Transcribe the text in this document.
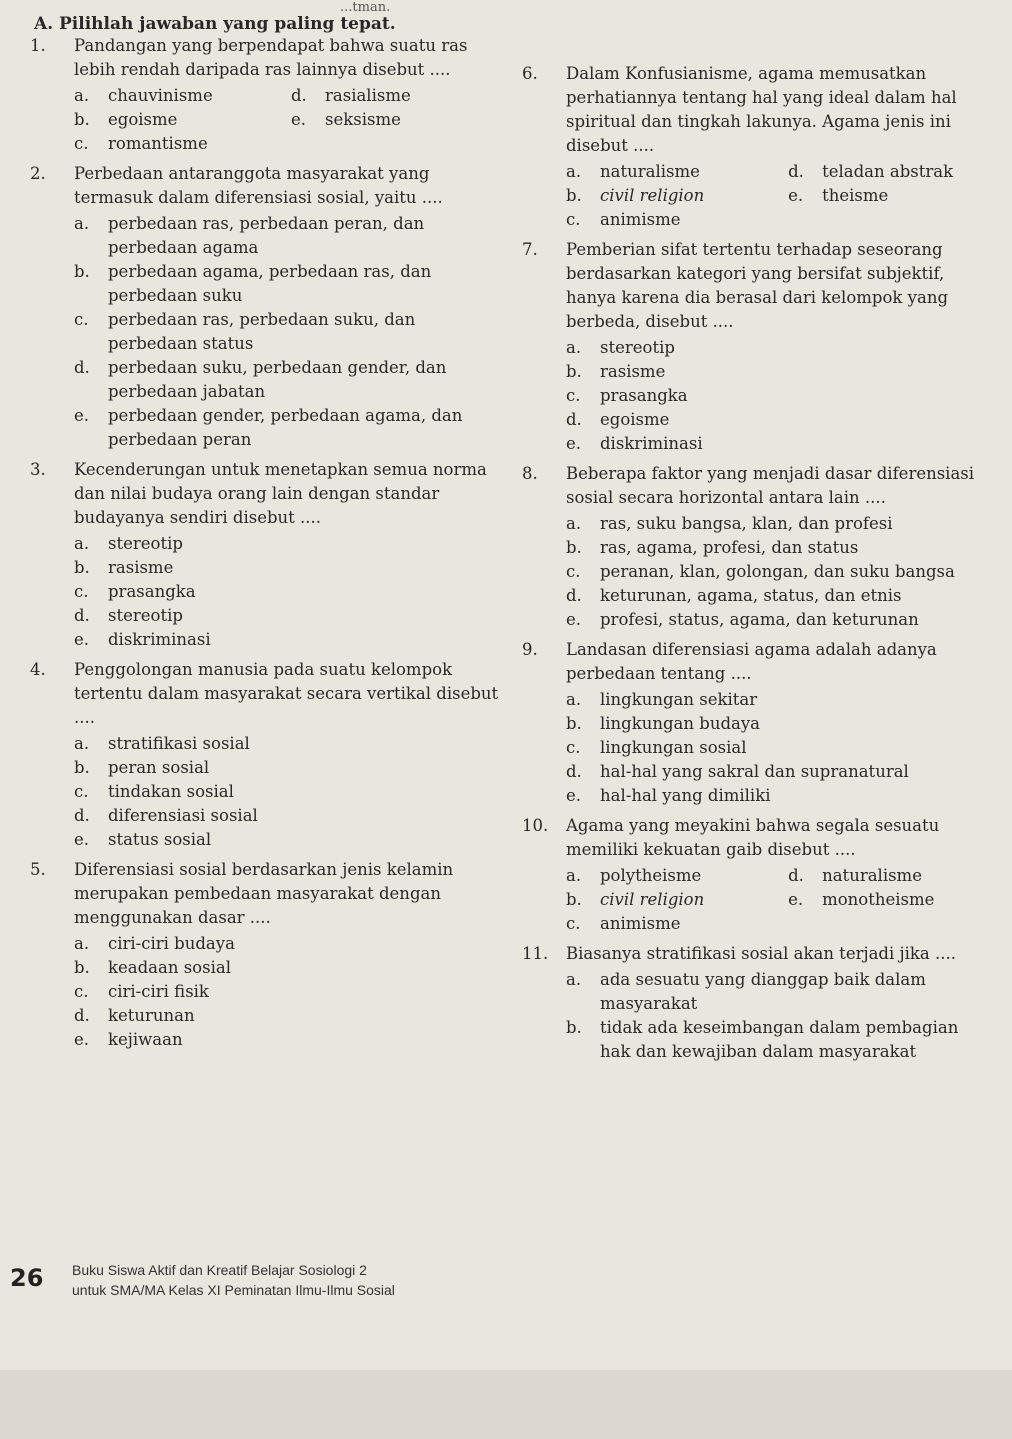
...tman.
A. Pilihlah jawaban yang paling tepat.
1.	Pandangan yang berpendapat bahwa suatu ras lebih rendah daripada ras lainnya disebut ....
a. chauvinisme	d. rasialisme
b. egoisme	e. seksisme
c. romantisme
2.	Perbedaan antaranggota masyarakat yang termasuk dalam diferensiasi sosial, yaitu ....
a. perbedaan ras, perbedaan peran, dan perbedaan agama
b. perbedaan agama, perbedaan ras, dan perbedaan suku
c. perbedaan ras, perbedaan suku, dan perbedaan status
d. perbedaan suku, perbedaan gender, dan perbedaan jabatan
e. perbedaan gender, perbedaan agama, dan perbedaan peran
3.	Kecenderungan untuk menetapkan semua norma dan nilai budaya orang lain dengan standar budayanya sendiri disebut ....
a. stereotip
b. rasisme
c. prasangka
d. stereotip
e. diskriminasi
4.	Penggolongan manusia pada suatu kelompok tertentu dalam masyarakat secara vertikal disebut ....
a. stratifikasi sosial
b. peran sosial
c. tindakan sosial
d. diferensiasi sosial
e. status sosial
5.	Diferensiasi sosial berdasarkan jenis kelamin merupakan pembedaan masyarakat dengan menggunakan dasar ....
a. ciri-ciri budaya
b. keadaan sosial
c. ciri-ciri fisik
d. keturunan
e. kejiwaan
6.	Dalam Konfusianisme, agama memusatkan perhatiannya tentang hal yang ideal dalam hal spiritual dan tingkah lakunya. Agama jenis ini disebut ....
a. naturalisme	d. teladan abstrak
b. civil religion	e. theisme
c. animisme
7.	Pemberian sifat tertentu terhadap seseorang berdasarkan kategori yang bersifat subjektif, hanya karena dia berasal dari kelompok yang berbeda, disebut ....
a. stereotip
b. rasisme
c. prasangka
d. egoisme
e. diskriminasi
8.	Beberapa faktor yang menjadi dasar diferensiasi sosial secara horizontal antara lain ....
a. ras, suku bangsa, klan, dan profesi
b. ras, agama, profesi, dan status
c. peranan, klan, golongan, dan suku bangsa
d. keturunan, agama, status, dan etnis
e. profesi, status, agama, dan keturunan
9.	Landasan diferensiasi agama adalah adanya perbedaan tentang ....
a. lingkungan sekitar
b. lingkungan budaya
c. lingkungan sosial
d. hal-hal yang sakral dan supranatural
e. hal-hal yang dimiliki
10.	Agama yang meyakini bahwa segala sesuatu memiliki kekuatan gaib disebut ....
a. polytheisme	d. naturalisme
b. civil religion	e. monotheisme
c. animisme
11.	Biasanya stratifikasi sosial akan terjadi jika ....
a. ada sesuatu yang dianggap baik dalam masyarakat
b. tidak ada keseimbangan dalam pembagian hak dan kewajiban dalam masyarakat
26 Buku Siswa Aktif dan Kreatif Belajar Sosiologi 2
untuk SMA/MA Kelas XI Peminatan Ilmu-Ilmu Sosial
